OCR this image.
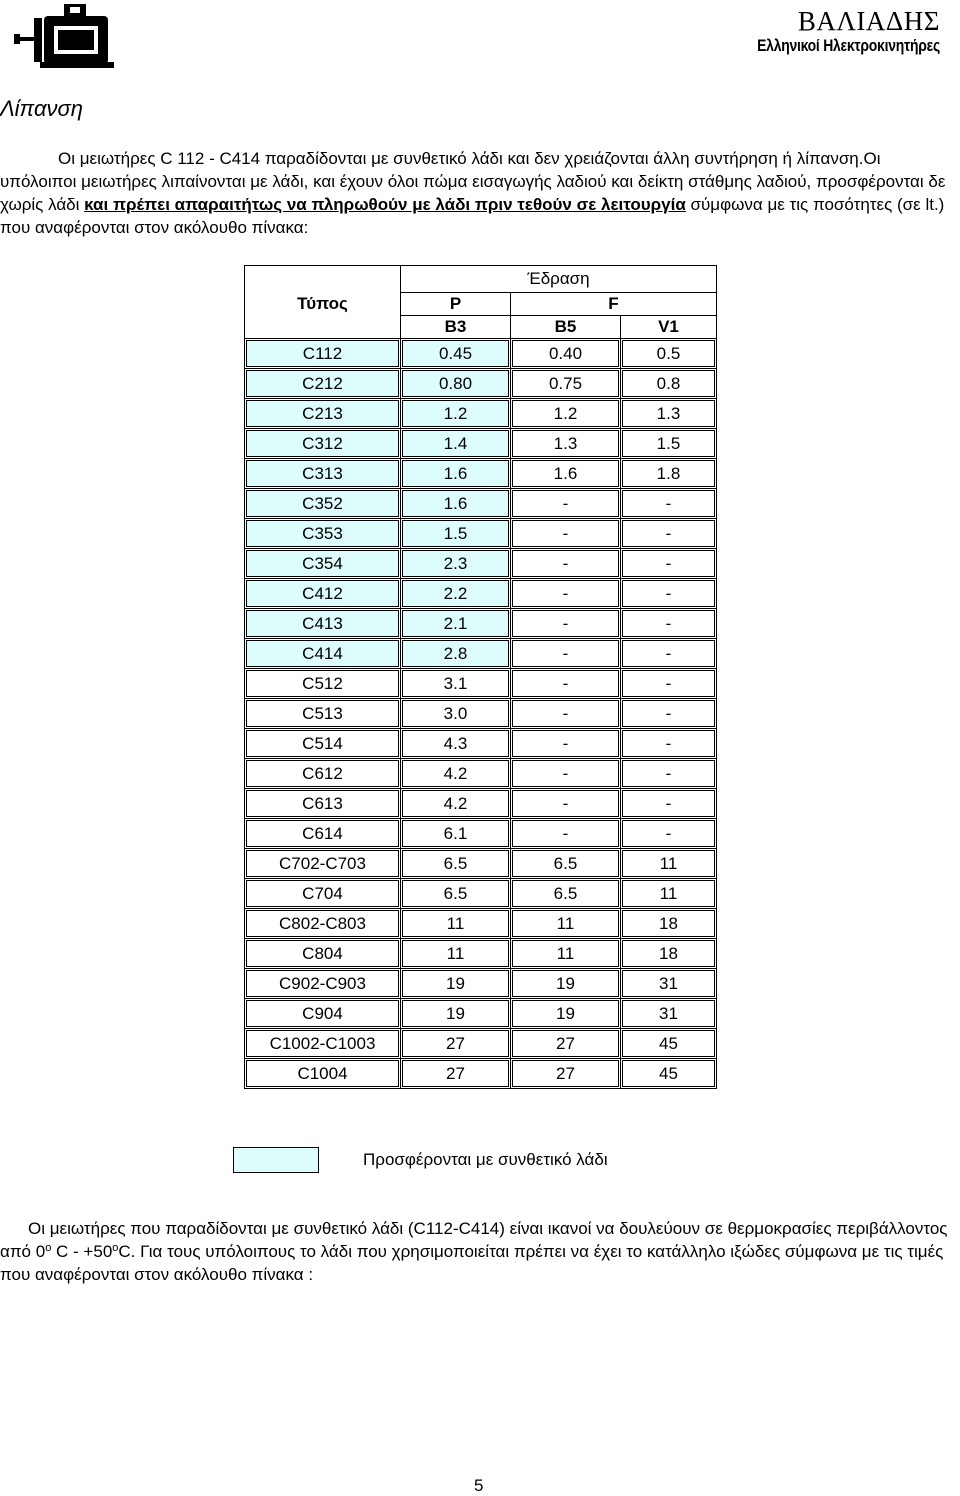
ΒΑΛΙΑΔΗΣ
Ελληνικοί Ηλεκτροκινητήρες
Λίπανση
Οι μειωτήρες C 112 - C414 παραδίδονται με συνθετικό λάδι και δεν χρειάζονται άλλη συντήρηση ή λίπανση.Οι υπόλοιποι μειωτήρες λιπαίνονται με λάδι, και έχουν όλοι πώμα εισαγωγής λαδιού και δείκτη στάθμης λαδιού, προσφέρονται δε χωρίς λάδι και πρέπει απαραιτήτως να πληρωθούν με λάδι πριν τεθούν σε λειτουργία σύμφωνα με τις ποσότητες (σε lt.) που αναφέρονται στον ακόλουθο πίνακα:
	Έδραση		
Τύπος	P	F	
	B3	B5	V1
C112	0.45	0.40	0.5
C212	0.80	0.75	0.8
C213	1.2	1.2	1.3
C312	1.4	1.3	1.5
C313	1.6	1.6	1.8
C352	1.6	-	-
C353	1.5	-	-
C354	2.3	-	-
C412	2.2	-	-
C413	2.1	-	-
C414	2.8	-	-
C512	3.1	-	-
C513	3.0	-	-
C514	4.3	-	-
C612	4.2	-	-
C613	4.2	-	-
C614	6.1	-	-
C702-C703	6.5	6.5	11
C704	6.5	6.5	11
C802-C803	11	11	18
C804	11	11	18
C902-C903	19	19	31
C904	19	19	31
C1002-C1003	27	27	45
C1004	27	27	45
Προσφέρονται με συνθετικό λάδι
Οι μειωτήρες που παραδίδονται με συνθετικό λάδι (C112-C414) είναι ικανοί να δουλεύουν σε θερμοκρασίες περιβάλλοντος από $0^o$ $C - +50^oC$. Για τους υπόλοιπους το λάδι που χρησιμοποιείται πρέπει να έχει το κατάλληλο ιξώδες σύμφωνα με τις τιμές που αναφέρονται στον ακόλουθο πίνακα :
5
